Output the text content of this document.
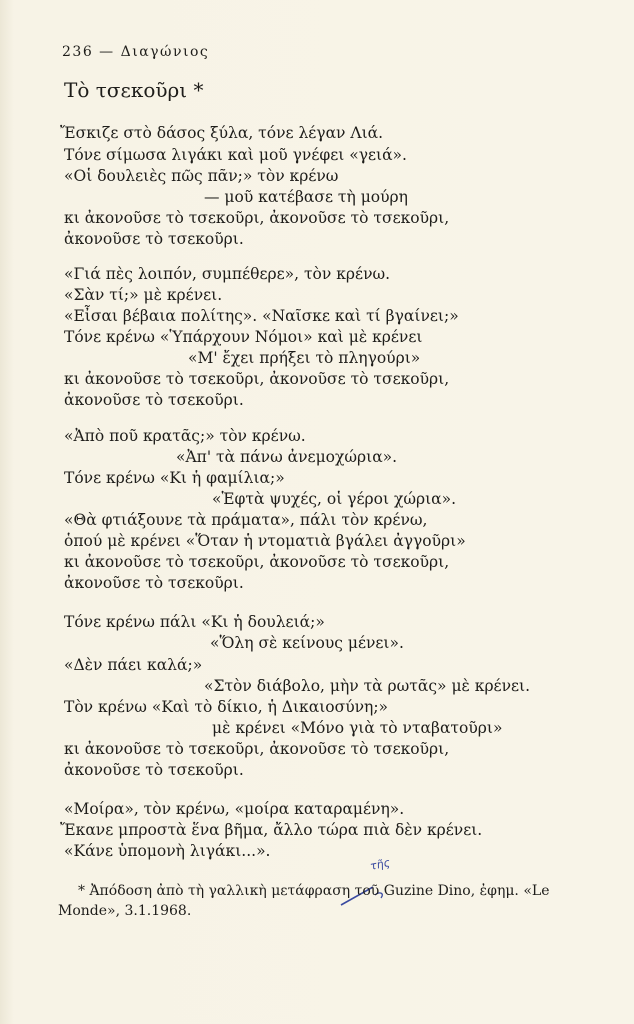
236 — Διαγώνιος
Τὸ τσεκοῦρι *
Ἔσκιζε στὸ δάσος ξύλα, τόνε λέγαν Λιά.
Τόνε σίμωσα λιγάκι καὶ μοῦ γνέφει «γειά».
«Οἱ δουλειὲς πῶς πᾶν;» τὸν κρένω
— μοῦ κατέβασε τὴ μούρη
κι ἀκονοῦσε τὸ τσεκοῦρι, ἀκονοῦσε τὸ τσεκοῦρι,
ἀκονοῦσε τὸ τσεκοῦρι.
«Γιά πὲς λοιπόν, συμπέθερε», τὸν κρένω.
«Σὰν τί;» μὲ κρένει.
«Εἶσαι βέβαια πολίτης». «Ναῖσκε καὶ τί βγαίνει;»
Τόνε κρένω «Ὑπάρχουν Νόμοι» καὶ μὲ κρένει
«Μ' ἔχει πρήξει τὸ πληγούρι»
κι ἀκονοῦσε τὸ τσεκοῦρι, ἀκονοῦσε τὸ τσεκοῦρι,
ἀκονοῦσε τὸ τσεκοῦρι.
«Ἀπὸ ποῦ κρατᾶς;» τὸν κρένω.
«Ἀπ' τὰ πάνω ἀνεμοχώρια».
Τόνε κρένω «Κι ἡ φαμίλια;»
«Ἑφτὰ ψυχές, οἱ γέροι χώρια».
«Θὰ φτιάξουνε τὰ πράματα», πάλι τὸν κρένω,
ὁπού μὲ κρένει «Ὅταν ἡ ντοματιὰ βγάλει ἀγγοῦρι»
κι ἀκονοῦσε τὸ τσεκοῦρι, ἀκονοῦσε τὸ τσεκοῦρι,
ἀκονοῦσε τὸ τσεκοῦρι.
Τόνε κρένω πάλι «Κι ἡ δουλειά;»
«Ὅλη σὲ κείνους μένει».
«Δὲν πάει καλά;»
«Στὸν διάβολο, μὴν τὰ ρωτᾶς» μὲ κρένει.
Τὸν κρένω «Καὶ τὸ δίκιο, ἡ Δικαιοσύνη;»
μὲ κρένει «Μόνο γιὰ τὸ νταβατοῦρι»
κι ἀκονοῦσε τὸ τσεκοῦρι, ἀκονοῦσε τὸ τσεκοῦρι,
ἀκονοῦσε τὸ τσεκοῦρι.
«Μοίρα», τὸν κρένω, «μοίρα καταραμένη».
Ἔκανε μπροστὰ ἕνα βῆμα, ἄλλο τώρα πιὰ δὲν κρένει.
«Κάνε ὑπομονὴ λιγάκι...».
τῆς
* Ἀπόδοση ἀπὸ τὴ γαλλικὴ μετάφραση τοῦ Guzine Dino, ἐφημ. «Le
Monde», 3.1.1968.
